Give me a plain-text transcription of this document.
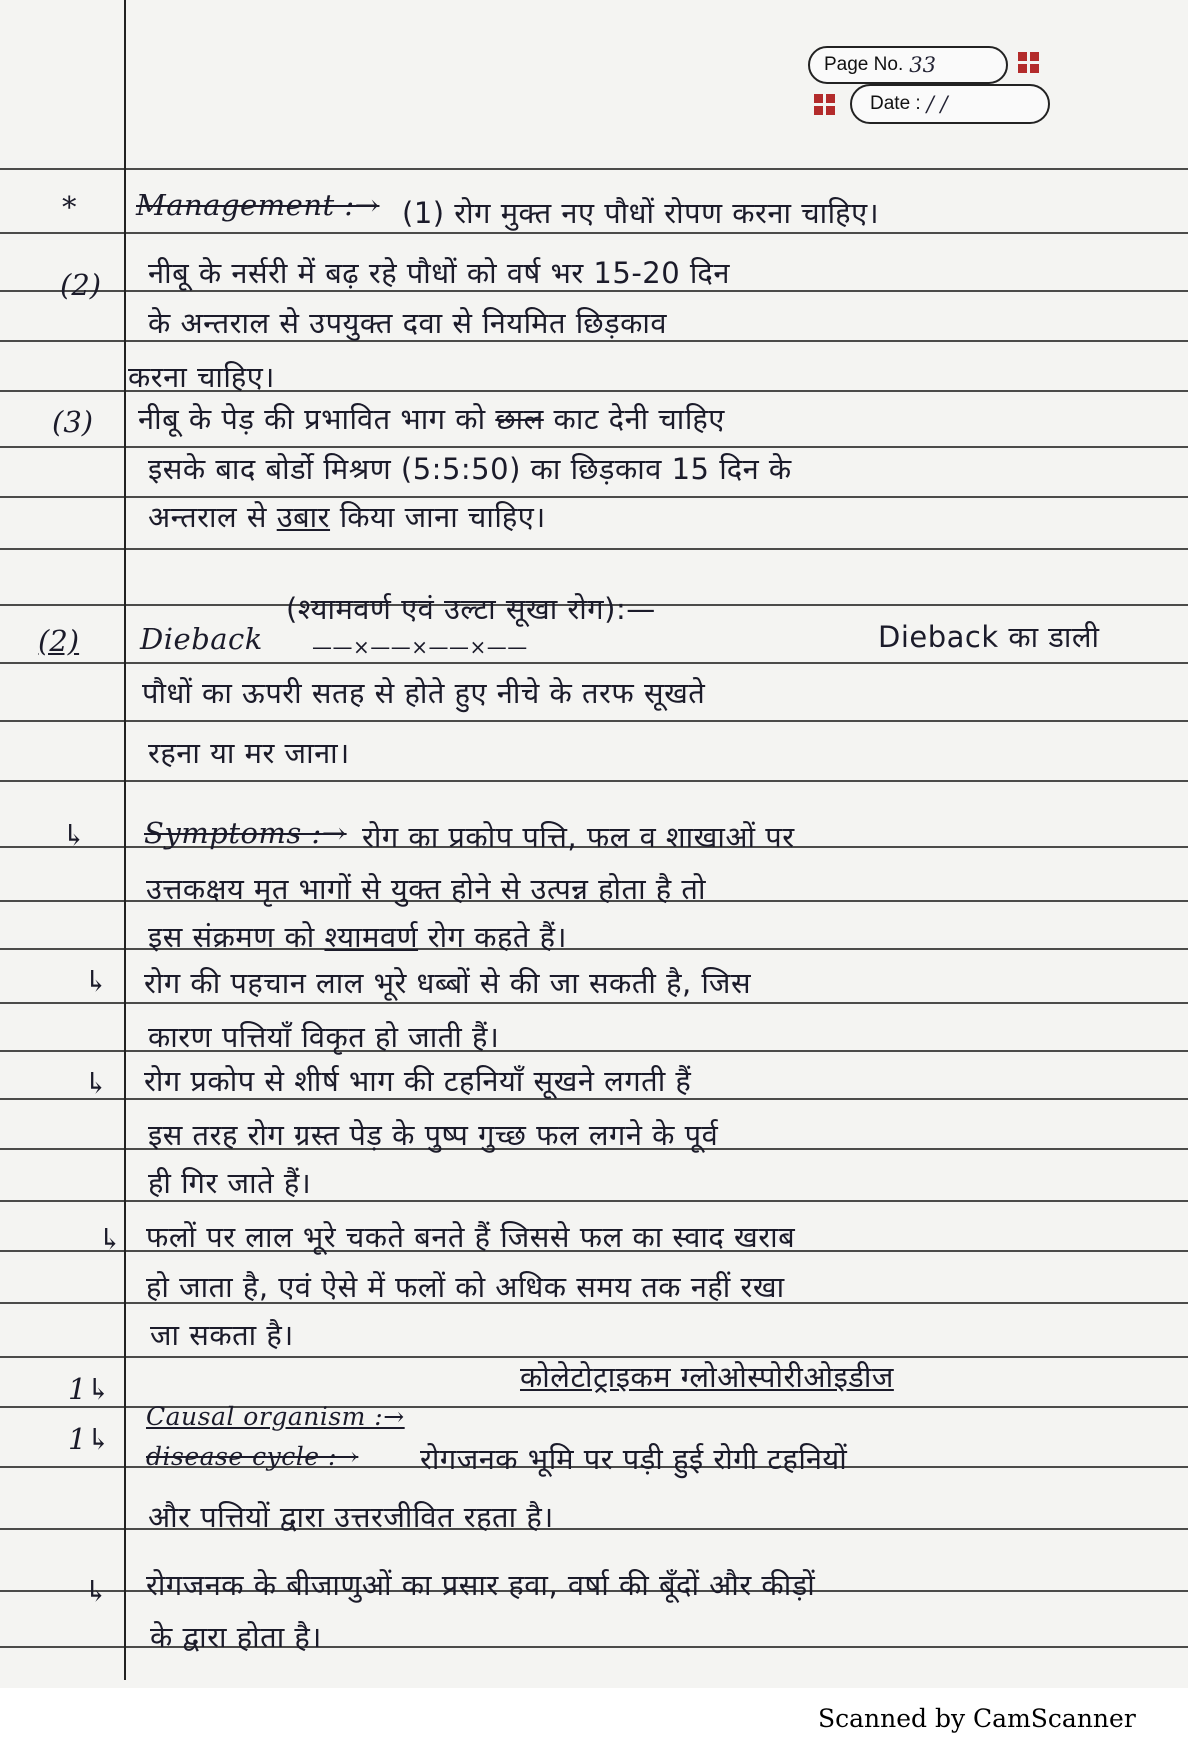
Page No. 33
Date : / /
*
(2)
(3)
(2)
↳
↳
↳
↳
1↳
1↳
↳
Management :→ (1) रोग मुक्त नए पौधों रोपण करना चाहिए।
नीबू के नर्सरी में बढ़ रहे पौधों को वर्ष भर 15-20 दिन
के अन्तराल से उपयुक्त दवा से नियमित छिड़काव
करना चाहिए।
नीबू के पेड़ की प्रभावित भाग को छाल काट देनी चाहिए
इसके बाद बोर्डो मिश्रण (5:5:50) का छिड़काव 15 दिन के
अन्तराल से उबार किया जाना चाहिए।
(श्यामवर्ण एवं उल्टा सूखा रोग):—
Dieback ——×——×——×——	Dieback का डाली
पौधों का ऊपरी सतह से होते हुए नीचे के तरफ सूखते
रहना या मर जाना।
Symptoms :→ रोग का प्रकोप पत्ति, फल व शाखाओं पर
उत्तकक्षय मृत भागों से युक्त होने से उत्पन्न होता है तो
इस संक्रमण को श्यामवर्ण रोग कहते हैं।
रोग की पहचान लाल भूरे धब्बों से की जा सकती है, जिस
कारण पत्तियाँ विकृत हो जाती हैं।
रोग प्रकोप से शीर्ष भाग की टहनियाँ सूखने लगती हैं
इस तरह रोग ग्रस्त पेड़ के पुष्प गुच्छ फल लगने के पूर्व
ही गिर जाते हैं।
फलों पर लाल भूरे चकते बनते हैं जिससे फल का स्वाद खराब
हो जाता है, एवं ऐसे में फलों को अधिक समय तक नहीं रखा
जा सकता है।
कोलेटोट्राइकम ग्लोओस्पोरीओइडीज
Causal organism :→
disease cycle :→ रोगजनक भूमि पर पड़ी हुई रोगी टहनियों
और पत्तियों द्वारा उत्तरजीवित रहता है।
रोगजनक के बीजाणुओं का प्रसार हवा, वर्षा की बूँदों और कीड़ों
के द्वारा होता है।
Scanned by CamScanner
